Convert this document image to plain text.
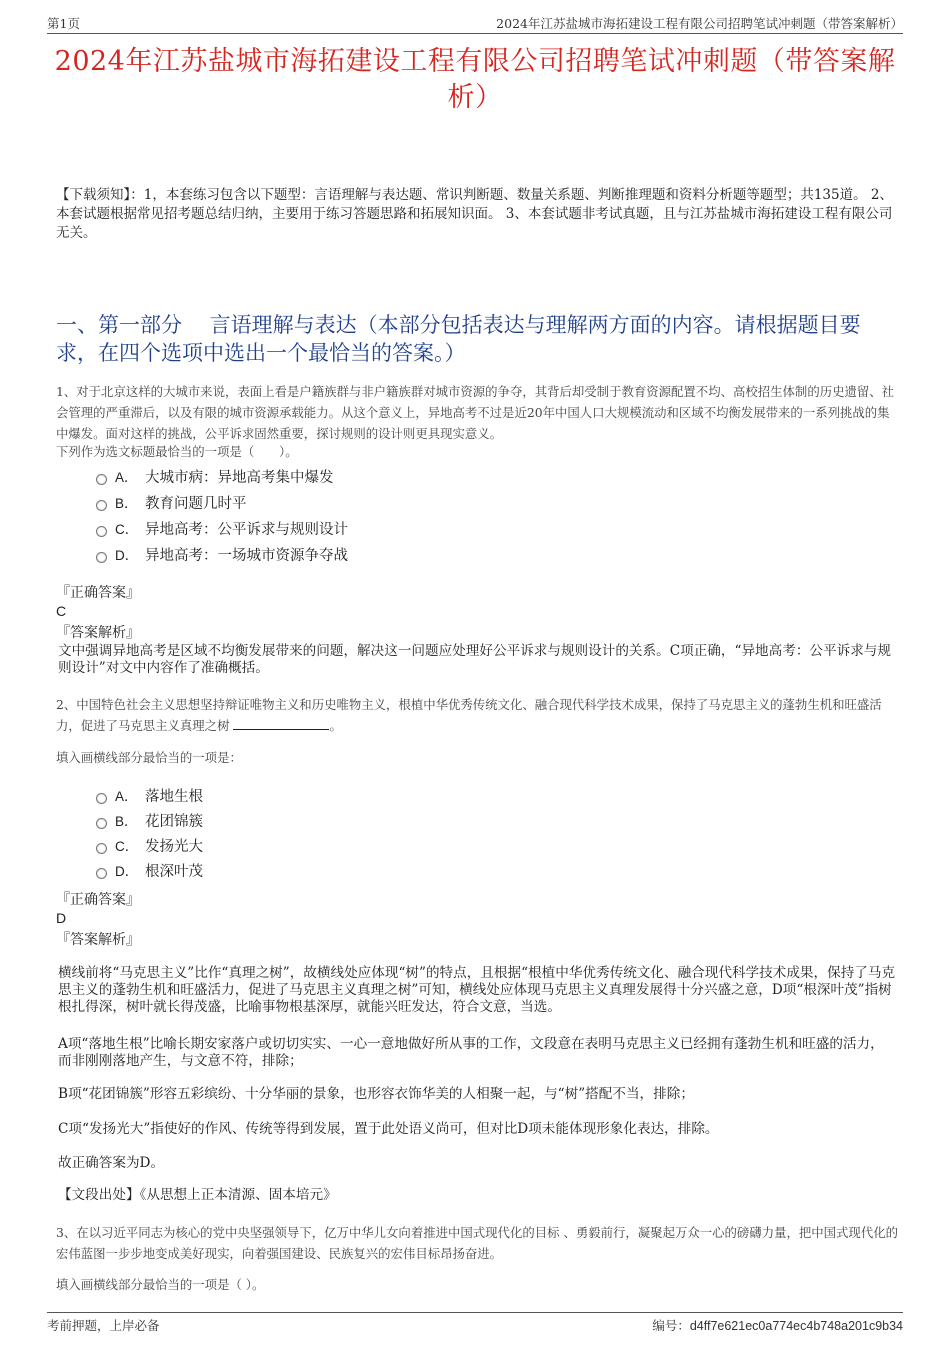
第1页	2024年江苏盐城市海拓建设工程有限公司招聘笔试冲刺题（带答案解析）
2024年江苏盐城市海拓建设工程有限公司招聘笔试冲刺题（带答案解析）
【下载须知】：1，本套练习包含以下题型：言语理解与表达题、常识判断题、数量关系题、判断推理题和资料分析题等题型；共135道。 2、本套试题根据常见招考题总结归纳，主要用于练习答题思路和拓展知识面。 3、本套试题非考试真题，且与江苏盐城市海拓建设工程有限公司无关。
一、第一部分　 言语理解与表达（本部分包括表达与理解两方面的内容。请根据题目要求，在四个选项中选出一个最恰当的答案。）
1、对于北京这样的大城市来说，表面上看是户籍族群与非户籍族群对城市资源的争夺，其背后却受制于教育资源配置不均、高校招生体制的历史遗留、社会管理的严重滞后，以及有限的城市资源承载能力。从这个意义上，异地高考不过是近20年中国人口大规模流动和区域不均衡发展带来的一系列挑战的集中爆发。面对这样的挑战，公平诉求固然重要，探讨规则的设计则更具现实意义。
下列作为选文标题最恰当的一项是（　　）。
A． 大城市病：异地高考集中爆发
B． 教育问题几时平
C． 异地高考：公平诉求与规则设计
D． 异地高考：一场城市资源争夺战
『正确答案』
C
『答案解析』
文中强调异地高考是区域不均衡发展带来的问题，解决这一问题应处理好公平诉求与规则设计的关系。C项正确，“异地高考：公平诉求与规则设计”对文中内容作了准确概括。
2、中国特色社会主义思想坚持辩证唯物主义和历史唯物主义，根植中华优秀传统文化、融合现代科学技术成果，保持了马克思主义的蓬勃生机和旺盛活力，促进了马克思主义真理之树	。
填入画横线部分最恰当的一项是：
A． 落地生根
B． 花团锦簇
C． 发扬光大
D． 根深叶茂
『正确答案』
D
『答案解析』
横线前将“马克思主义”比作“真理之树”，故横线处应体现“树”的特点，且根据“根植中华优秀传统文化、融合现代科学技术成果，保持了马克思主义的蓬勃生机和旺盛活力，促进了马克思主义真理之树”可知，横线处应体现马克思主义真理发展得十分兴盛之意，D项“根深叶茂”指树根扎得深，树叶就长得茂盛，比喻事物根基深厚，就能兴旺发达，符合文意，当选。
A项“落地生根”比喻长期安家落户或切切实实、一心一意地做好所从事的工作，文段意在表明马克思主义已经拥有蓬勃生机和旺盛的活力，而非刚刚落地产生，与文意不符，排除；
B项“花团锦簇”形容五彩缤纷、十分华丽的景象，也形容衣饰华美的人相聚一起，与“树”搭配不当，排除；
C项“发扬光大”指使好的作风、传统等得到发展，置于此处语义尚可，但对比D项未能体现形象化表达，排除。
故正确答案为D。
【文段出处】《从思想上正本清源、固本培元》
3、在以习近平同志为核心的党中央坚强领导下，亿万中华儿女向着推进中国式现代化的目标 、勇毅前行，凝聚起万众一心的磅礴力量，把中国式现代化的宏伟蓝图一步步地变成美好现实，向着强国建设、民族复兴的宏伟目标昂扬奋进。
填入画横线部分最恰当的一项是（ ）。
考前押题，上岸必备	编号：d4ff7e621ec0a774ec4b748a201c9b34
